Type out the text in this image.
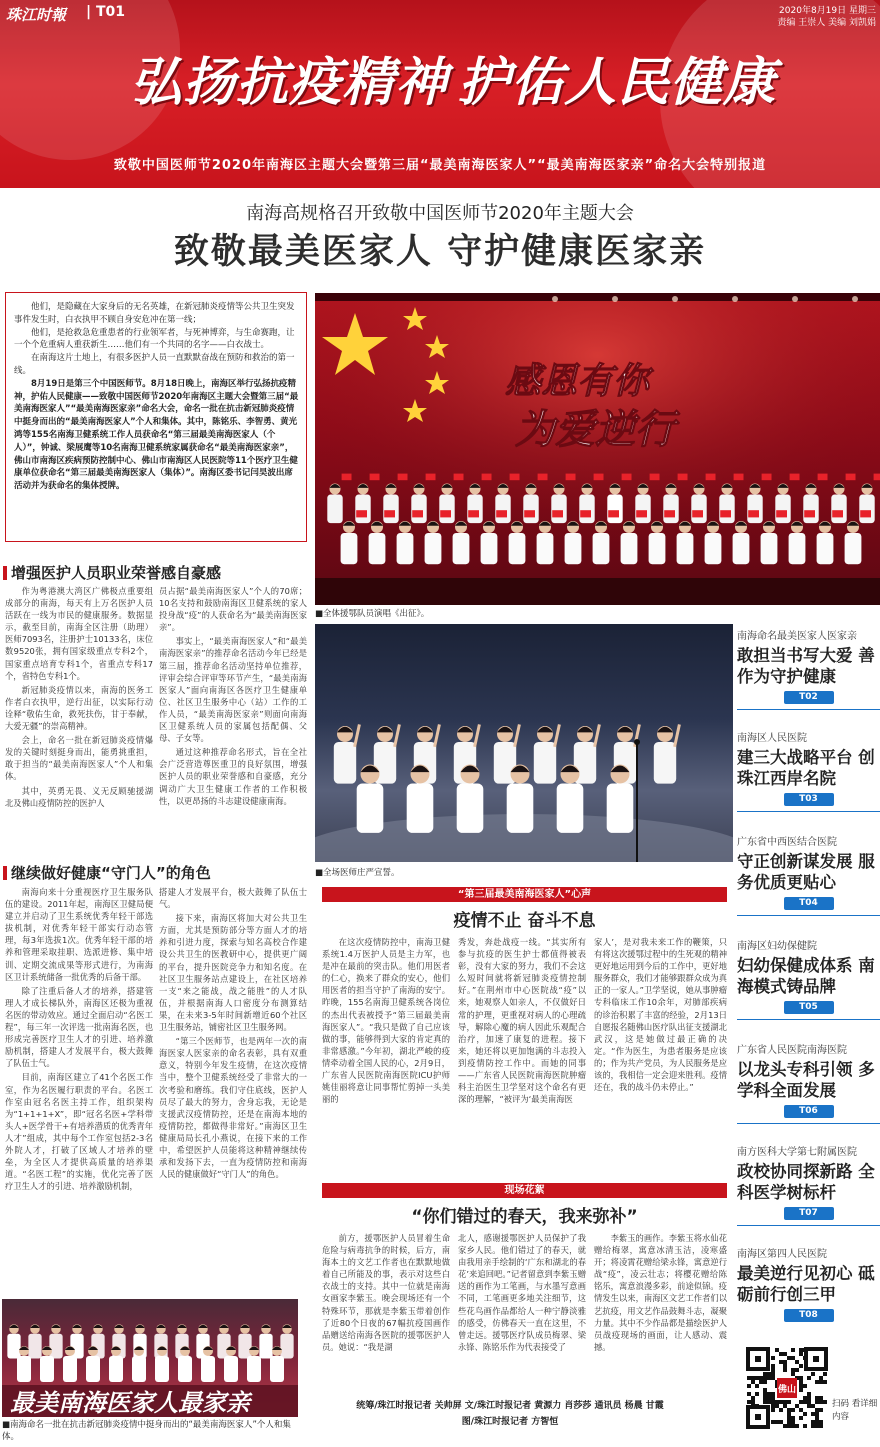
珠江时報 | T01	2020年8月19日 星期三
责编 王崇人 美编 刘凯娟
弘扬抗疫精神 护佑人民健康
致敬中国医师节2020年南海区主题大会暨第三届“最美南海医家人”“最美南海医家亲”命名大会特别报道
南海高规格召开致敬中国医师节2020年主题大会
致敬最美医家人 守护健康医家亲

他们，是隐藏在大家身后的无名英雄，在新冠肺炎疫情等公共卫生突发事件发生时，白衣执甲不顾自身安危冲在第一线；

他们，是抢救急危重患者的行业领军者，与死神博弈，与生命赛跑，让一个个危重病人重获新生……他们有一个共同的名字——白衣战士。

在南海这片土地上，有很多医护人员一直默默奋战在预防和救治的第一线。

8月19日是第三个中国医师节。8月18日晚上，南海区举行弘扬抗疫精神，护佑人民健康——致敬中国医师节2020年南海区主题大会暨第三届“最美南海医家人”“最美南海医家亲”命名大会，命名一批在抗击新冠肺炎疫情中挺身而出的“最美南海医家人”个人和集体。其中，陈铭乐、李智勇、黄光鸿等155名南海卫健系统工作人员获命名“第三届最美南海医家人（个人）”，钟诚、梁展鹰等10名南海卫健系统家属获命名“最美南海医家亲”，佛山市南海区疾病预防控制中心、佛山市南海区人民医院等11个医疗卫生健康单位获命名“第三届最美南海医家人（集体）”。南海区委书记闫昊波出席活动并为获命名的集体授牌。

感恩有你
为爱逆行
■全体援鄂队员演唱《出征》。
■全场医师庄严宣誓。
增强医护人员职业荣誉感自豪感

作为粤港澳大湾区广佛极点重要组成部分的南海，每天有上万名医护人员活跃在一线为市民的健康服务。数据显示，截至目前，南海全区注册（助理）医师7093名，注册护士10133名，床位数9520张，拥有国家级重点专科2个，国家重点培育专科1个，省重点专科17个，省特色专科1个。

新冠肺炎疫情以来，南海的医务工作者白衣执甲，逆行出征，以实际行动诠释“敬佑生命，救死扶伤，甘于奉献，大爱无疆”的崇高精神。

会上，命名一批在新冠肺炎疫情爆发的关键时刻挺身而出，能勇挑重担，敢于担当的“最美南海医家人”个人和集体。

其中，英勇无畏、义无反顾驰援湖北及佛山疫情防控的医护人

员占据“最美南海医家人”个人的70席；10名支持和鼓励南海区卫健系统的家人投身战“疫”的人获命名为“最美南海医家亲”。

事实上，“最美南海医家人”和“最美南海医家亲”的推荐命名活动今年已经是第三届，推荐命名活动坚持单位推荐，评审会综合评审等环节产生，“最美南海医家人”面向南海区各医疗卫生健康单位、社区卫生服务中心（站）工作的工作人员，“最美南海医家亲”则面向南海区卫健系统人员的家属包括配偶、父母、子女等。

通过这种推荐命名形式，旨在全社会广泛营造尊医重卫的良好氛围，增强医护人员的职业荣誉感和自豪感，充分调动广大卫生健康工作者的工作积极性，以更昂扬的斗志建设健康南海。

继续做好健康“守门人”的角色

南海向来十分重视医疗卫生服务队伍的建设。2011年起，南海区卫健局便建立并启动了卫生系统优秀年轻干部选拔机制，对优秀年轻干部实行动态管理，每3年选拔1次。优秀年轻干部的培养和管理采取挂职、选派进修、集中培训、定期交流成果等形式进行，为南海区卫计系统储备一批优秀的后备干部。

除了注重后备人才的培养，搭建管理人才成长梯队外，南海区还极为重视名医的带动效应。通过全面启动“名医工程”，每三年一次评选一批南海名医，也形成完善医疗卫生人才的引进、培养激励机制，搭建人才发展平台，极大鼓舞了队伍士气。

目前，南海区建立了41个名医工作室，作为名医履行职责的平台。名医工作室由冠名名医主持工作，组织架构为“1+1+1+X”，即“冠名名医+学科带头人+医学骨干+有培养潜质的优秀青年人才”组成，其中每个工作室包括2-3名外院人才，打破了区域人才培养的壁垒，为全区人才提供高质量的培养渠道。“名医工程”的实施，优化完善了医疗卫生人才的引进、培养激励机制，

搭建人才发展平台，极大鼓舞了队伍士气。

接下来，南海区将加大对公共卫生方面，尤其是预防部分等方面人才的培养和引进力度，探索与知名高校合作建设公共卫生的医教研中心，提供更广阔的平台，提升医院竞争力和知名度。在社区卫生服务站点建设上，在社区培养一支“来之能战，战之能胜”的人才队伍，并根据南海人口密度分布测算结果，在未来3-5年时间新增近60个社区卫生服务站，铺密社区卫生服务网。

“第三个医师节，也是两年一次的南海医家人医家亲的命名表彰，具有双重意义，特别今年发生疫情，在这次疫情当中，整个卫健系统经受了非常大的一次考验和磨练。我们守住底线，医护人员尽了最大的努力，舍身忘我，无论是支援武汉疫情防控，还是在南海本地的疫情防控，都做得非常好。”南海区卫生健康局局长孔小燕说，在接下来的工作中，希望医护人员能将这种精神继续传承和发扬下去，一直为疫情防控和南海人民的健康做好“守门人”的角色。

最美南海医家人最家亲
■南海命名一批在抗击新冠肺炎疫情中挺身而出的“最美南海医家人”个人和集体。
“第三届最美南海医家人”心声
疫情不止 奋斗不息
在这次疫情防控中，南海卫健系统1.4万医护人员是主力军，也是冲在最前的突击队。他们用医者的仁心，换来了群众的安心，他们用医者的担当守护了南海的安宁。昨晚，155名南海卫健系统各岗位的杰出代表被授予“第三届最美南海医家人”。“我只是做了自己应该做的事，能够得到大家的肯定真的非常感激。”今年初，湖北严峻的疫情牵动着全国人民的心，2月9日，广东省人民医院南海医院ICU护师姚佳丽将意让同事帮忙剪掉一头美丽的
秀发，奔赴战疫一线。“其实所有参与抗疫的医生护士都值得被表彰，没有大家的努力，我们不会这么短时间就将新冠肺炎疫情控制好。”在荆州市中心医院战“疫”以来，她观察人如亲人，不仅做好日常的护理，更重视对病人的心理疏导，解除心魔的病人因此乐观配合治疗，加速了康复的进程。接下来，她还将以更加饱满的斗志投入到疫情防控工作中。而她的同事——广东省人民医院南海医院肿瘤科主治医生卫学坚对这个命名有更深的理解，“被评为‘最美南海医
家人’，是对我未来工作的鞭策，只有将这次援鄂过程中的生死观的精神更好地运用到今后的工作中，更好地服务群众，我们才能够跟群众成为真正的一家人。”卫学坚说，她从事肿瘤专科临床工作10余年，对肺部疾病的诊治积累了丰富的经验，2月13日自愿报名随佛山医疗队出征支援湖北武汉，这是她做过最正确的决定。“作为医生，为患者服务是应该的；作为共产党员，为人民服务是应该的，我相信一定会迎来胜利。疫情还在，我的战斗仍未停止。”
现场花絮
“你们错过的春天，我来弥补”
前方，援鄂医护人员冒着生命危险与病毒抗争的时候，后方，南海本土的文艺工作者也在默默地做着自己所能及的事，表示对这些白衣战士的支持。其中一位就是南海女画家李紫玉。晚会现场还有一个特殊环节，那就是李紫玉带着创作了近80个日夜的67幅抗疫国画作品赠送给南海各医院的援鄂医护人员。她说：“我是湖
北人，感谢援鄂医护人员保护了我家乡人民。他们错过了的春天，就由我用亲手绘制的‘广东和湖北的春花’来追回吧。”记者留意到李紫玉赠送的画作为工笔画，与水墨写意画不同，工笔画更多地关注细节，这些花鸟画作品都给人一种宁静淡雅的感受，仿佛春天一直在这里，不曾走远。援鄂医疗队成员梅翠、梁永锋、陈铭乐作为代表接受了
李紫玉的画作。李紫玉将水仙花赠给梅翠，寓意冰清玉洁，凌寒盛开；将凌霄花赠给梁永锋，寓意逆行战“疫”，凌云壮志；将樱花赠给陈铭乐，寓意浪漫多彩，前途似锦。疫情发生以来，南海区文艺工作者们以艺抗疫，用文艺作品鼓舞斗志，凝聚力量。其中不少作品都是描绘医护人员战疫现场的画面，让人感动、震撼。
统筹/珠江时报记者 关帅屏 文/珠江时报记者 黄源力 肖莎莎 通讯员 杨晨 甘霞
图/珠江时报记者 方智恒
南海命名最美医家人医家亲
敢担当书写大爱 善作为守护健康
T02
南海区人民医院
建三大战略平台 创珠江西岸名院
T03
广东省中西医结合医院
守正创新谋发展 服务优质更贴心
T04
南海区妇幼保健院
妇幼保健成体系 南海模式铸品牌
T05
广东省人民医院南海医院
以龙头专科引领 多学科全面发展
T06
南方医科大学第七附属医院
政校协同探新路 全科医学树标杆
T07
南海区第四人民医院
最美逆行见初心 砥砺前行创三甲
T08
佛山
扫码 看详细内容
